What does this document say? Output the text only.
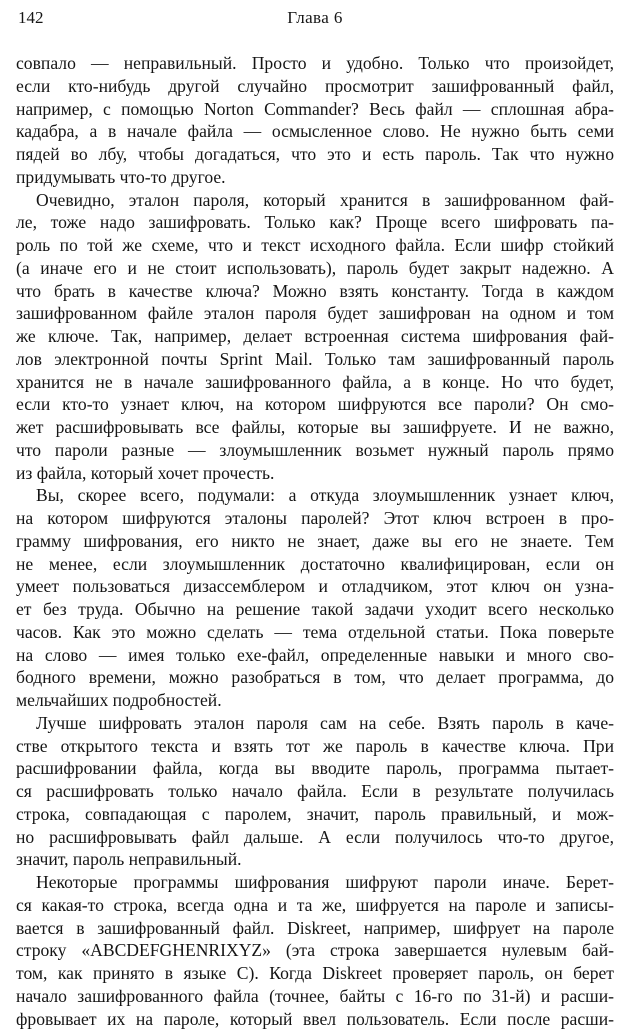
142	Глава 6
совпало — неправильный. Просто и удобно. Только что произойдет,
если кто-нибудь другой случайно просмотрит зашифрованный файл,
например, с помощью Norton Commander? Весь файл — сплошная абра-
кадабра, а в начале файла — осмысленное слово. Не нужно быть семи
пядей во лбу, чтобы догадаться, что это и есть пароль. Так что нужно
придумывать что-то другое.
Очевидно, эталон пароля, который хранится в зашифрованном фай-
ле, тоже надо зашифровать. Только как? Проще всего шифровать па-
роль по той же схеме, что и текст исходного файла. Если шифр стойкий
(а иначе его и не стоит использовать), пароль будет закрыт надежно. А
что брать в качестве ключа? Можно взять константу. Тогда в каждом
зашифрованном файле эталон пароля будет зашифрован на одном и том
же ключе. Так, например, делает встроенная система шифрования фай-
лов электронной почты Sprint Mail. Только там зашифрованный пароль
хранится не в начале зашифрованного файла, а в конце. Но что будет,
если кто-то узнает ключ, на котором шифруются все пароли? Он смо-
жет расшифровывать все файлы, которые вы зашифруете. И не важно,
что пароли разные — злоумышленник возьмет нужный пароль прямо
из файла, который хочет прочесть.
Вы, скорее всего, подумали: а откуда злоумышленник узнает ключ,
на котором шифруются эталоны паролей? Этот ключ встроен в про-
грамму шифрования, его никто не знает, даже вы его не знаете. Тем
не менее, если злоумышленник достаточно квалифицирован, если он
умеет пользоваться дизассемблером и отладчиком, этот ключ он узна-
ет без труда. Обычно на решение такой задачи уходит всего несколько
часов. Как это можно сделать — тема отдельной статьи. Пока поверьте
на слово — имея только exe-файл, определенные навыки и много сво-
бодного времени, можно разобраться в том, что делает программа, до
мельчайших подробностей.
Лучше шифровать эталон пароля сам на себе. Взять пароль в каче-
стве открытого текста и взять тот же пароль в качестве ключа. При
расшифровании файла, когда вы вводите пароль, программа пытает-
ся расшифровать только начало файла. Если в результате получилась
строка, совпадающая с паролем, значит, пароль правильный, и мож-
но расшифровывать файл дальше. А если получилось что-то другое,
значит, пароль неправильный.
Некоторые программы шифрования шифруют пароли иначе. Берет-
ся какая-то строка, всегда одна и та же, шифруется на пароле и записы-
вается в зашифрованный файл. Diskreet, например, шифрует на пароле
строку «ABCDEFGHENRIXYZ» (эта строка завершается нулевым бай-
том, как принято в языке С). Когда Diskreet проверяет пароль, он берет
начало зашифрованного файла (точнее, байты с 16-го по 31-й) и расши-
фровывает их на пароле, который ввел пользователь. Если после расши-
